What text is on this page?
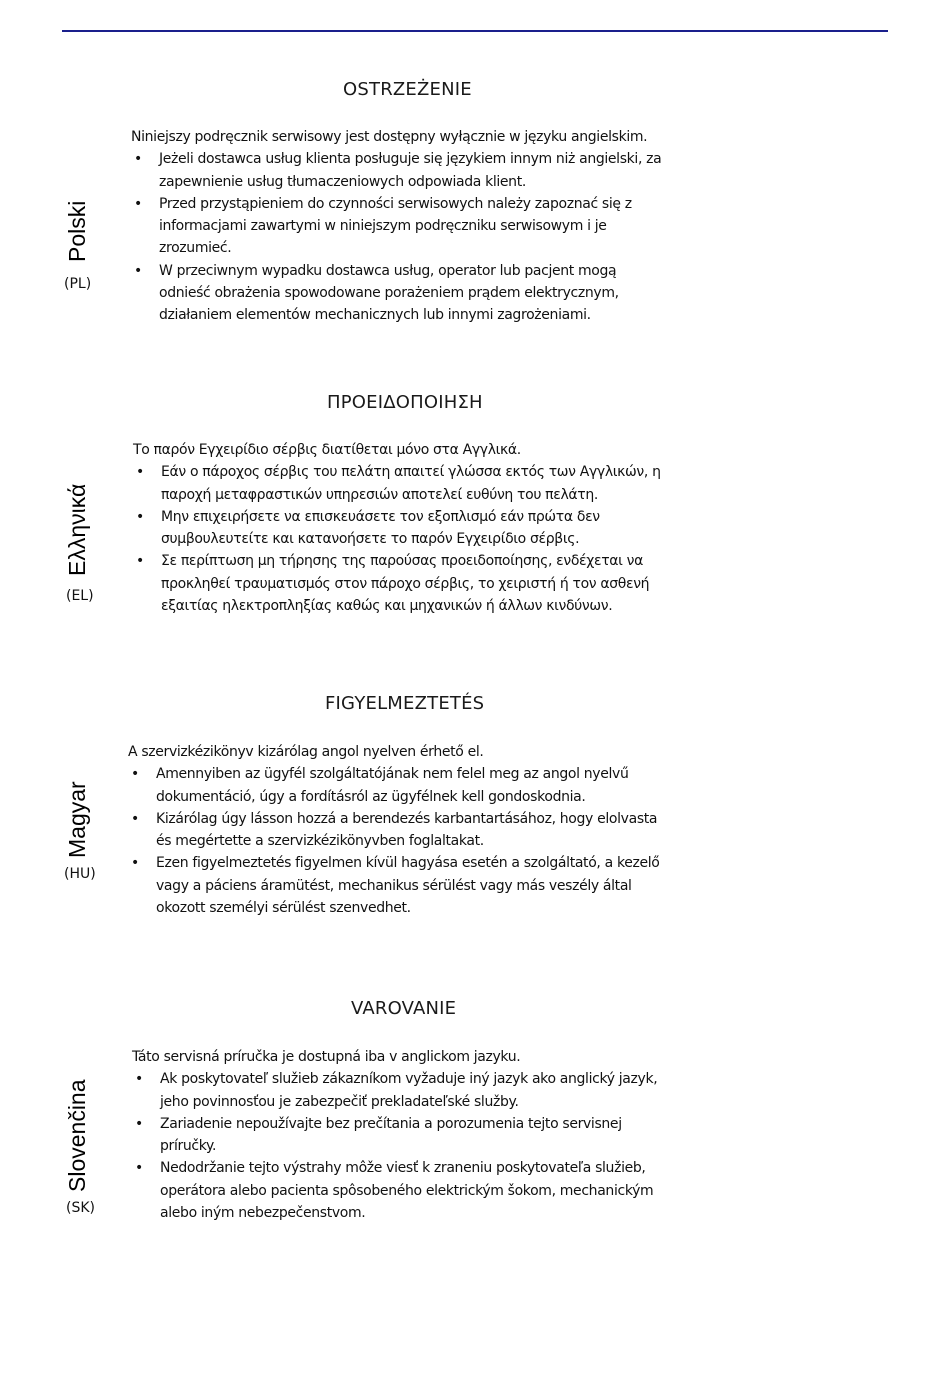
OSTRZEŻENIE
Polski
(PL)

Niniejszy podręcznik serwisowy jest dostępny wyłącznie w języku angielskim.

• Jeżeli dostawca usług klienta posługuje się językiem innym niż angielski, za
zapewnienie usług tłumaczeniowych odpowiada klient.
• Przed przystąpieniem do czynności serwisowych należy zapoznać się z
informacjami zawartymi w niniejszym podręczniku serwisowym i je
zrozumieć.
• W przeciwnym wypadku dostawca usług, operator lub pacjent mogą
odnieść obrażenia spowodowane porażeniem prądem elektrycznym,
działaniem elementów mechanicznych lub innymi zagrożeniami.
ΠΡΟΕΙΔΟΠΟΙΗΣΗ
Ελληνικά
(EL)

Το παρόν Εγχειρίδιο σέρβις διατίθεται μόνο στα Αγγλικά.

• Εάν ο πάροχος σέρβις του πελάτη απαιτεί γλώσσα εκτός των Αγγλικών, η
παροχή μεταφραστικών υπηρεσιών αποτελεί ευθύνη του πελάτη.
• Μην επιχειρήσετε να επισκευάσετε τον εξοπλισμό εάν πρώτα δεν
συμβουλευτείτε και κατανοήσετε το παρόν Εγχειρίδιο σέρβις.
• Σε περίπτωση μη τήρησης της παρούσας προειδοποίησης, ενδέχεται να
προκληθεί τραυματισμός στον πάροχο σέρβις, το χειριστή ή τον ασθενή
εξαιτίας ηλεκτροπληξίας καθώς και μηχανικών ή άλλων κινδύνων.
FIGYELMEZTETÉS
Magyar
(HU)

A szervizkézikönyv kizárólag angol nyelven érhető el.

• Amennyiben az ügyfél szolgáltatójának nem felel meg az angol nyelvű
dokumentáció, úgy a fordításról az ügyfélnek kell gondoskodnia.
• Kizárólag úgy lásson hozzá a berendezés karbantartásához, hogy elolvasta
és megértette a szervizkézikönyvben foglaltakat.
• Ezen figyelmeztetés figyelmen kívül hagyása esetén a szolgáltató, a kezelő
vagy a páciens áramütést, mechanikus sérülést vagy más veszély által
okozott személyi sérülést szenvedhet.
VAROVANIE
Slovenčina
(SK)

Táto servisná príručka je dostupná iba v anglickom jazyku.

• Ak poskytovateľ služieb zákazníkom vyžaduje iný jazyk ako anglický jazyk,
jeho povinnosťou je zabezpečiť prekladateľské služby.
• Zariadenie nepoužívajte bez prečítania a porozumenia tejto servisnej
príručky.
• Nedodržanie tejto výstrahy môže viesť k zraneniu poskytovateľa služieb,
operátora alebo pacienta spôsobeného elektrickým šokom, mechanickým
alebo iným nebezpečenstvom.
